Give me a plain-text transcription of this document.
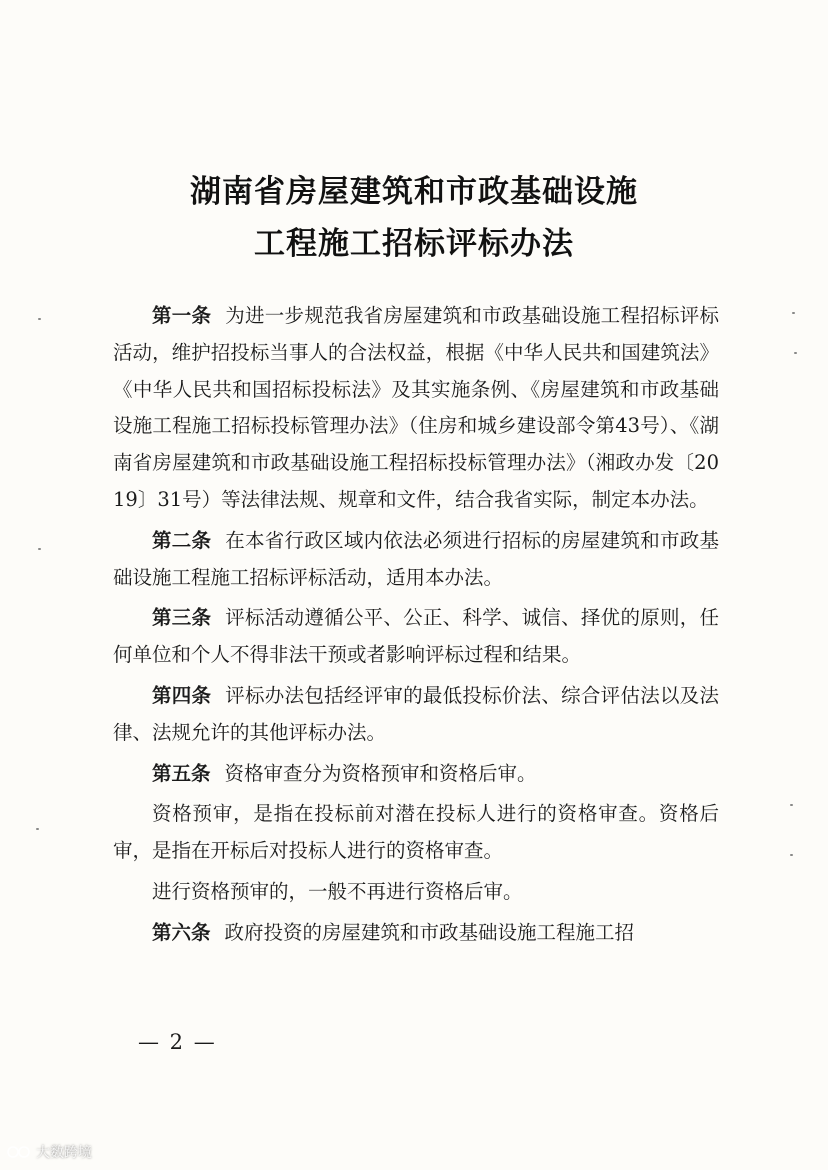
湖南省房屋建筑和市政基础设施
工程施工招标评标办法

第一条 为进一步规范我省房屋建筑和市政基础设施工程招标评标活动，维护招投标当事人的合法权益，根据《中华人民共和国建筑法》《中华人民共和国招标投标法》及其实施条例、《房屋建筑和市政基础设施工程施工招标投标管理办法》（住房和城乡建设部令第43号）、《湖南省房屋建筑和市政基础设施工程招标投标管理办法》（湘政办发〔2019〕31号）等法律法规、规章和文件，结合我省实际，制定本办法。

第二条 在本省行政区域内依法必须进行招标的房屋建筑和市政基础设施工程施工招标评标活动，适用本办法。

第三条 评标活动遵循公平、公正、科学、诚信、择优的原则，任何单位和个人不得非法干预或者影响评标过程和结果。

第四条 评标办法包括经评审的最低投标价法、综合评估法以及法律、法规允许的其他评标办法。

第五条 资格审查分为资格预审和资格后审。

资格预审，是指在投标前对潜在投标人进行的资格审查。资格后审，是指在开标后对投标人进行的资格审查。

进行资格预审的，一般不再进行资格后审。

第六条 政府投资的房屋建筑和市政基础设施工程施工招

— 2 —
大数跨境
